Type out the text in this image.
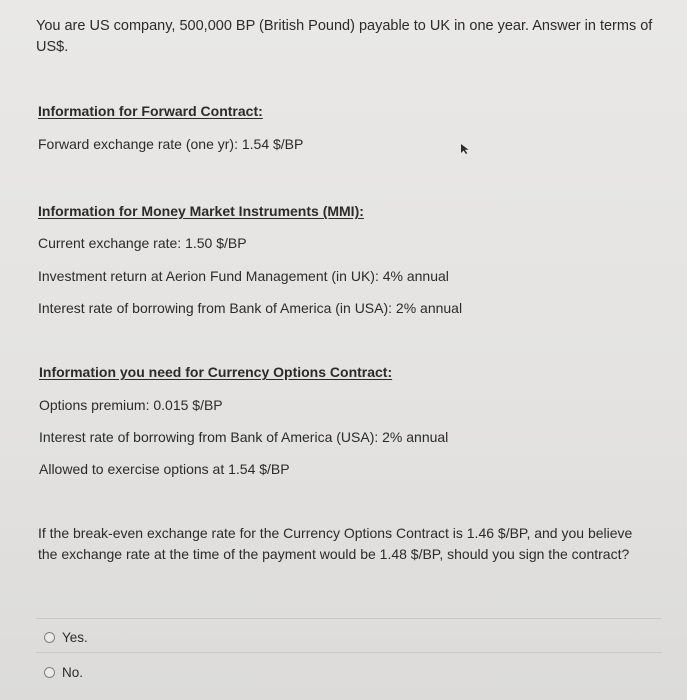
You are US company, 500,000 BP (British Pound) payable to UK in one year. Answer in terms of US$.
Information for Forward Contract:
Forward exchange rate (one yr): 1.54 $/BP
Information for Money Market Instruments (MMI):
Current exchange rate: 1.50 $/BP
Investment return at Aerion Fund Management (in UK): 4% annual
Interest rate of borrowing from Bank of America (in USA): 2% annual
Information you need for Currency Options Contract:
Options premium: 0.015 $/BP
Interest rate of borrowing from Bank of America (USA): 2% annual
Allowed to exercise options at 1.54 $/BP
If the break-even exchange rate for the Currency Options Contract is 1.46 $/BP, and you believe the exchange rate at the time of the payment would be 1.48 $/BP, should you sign the contract?
Yes.
No.
